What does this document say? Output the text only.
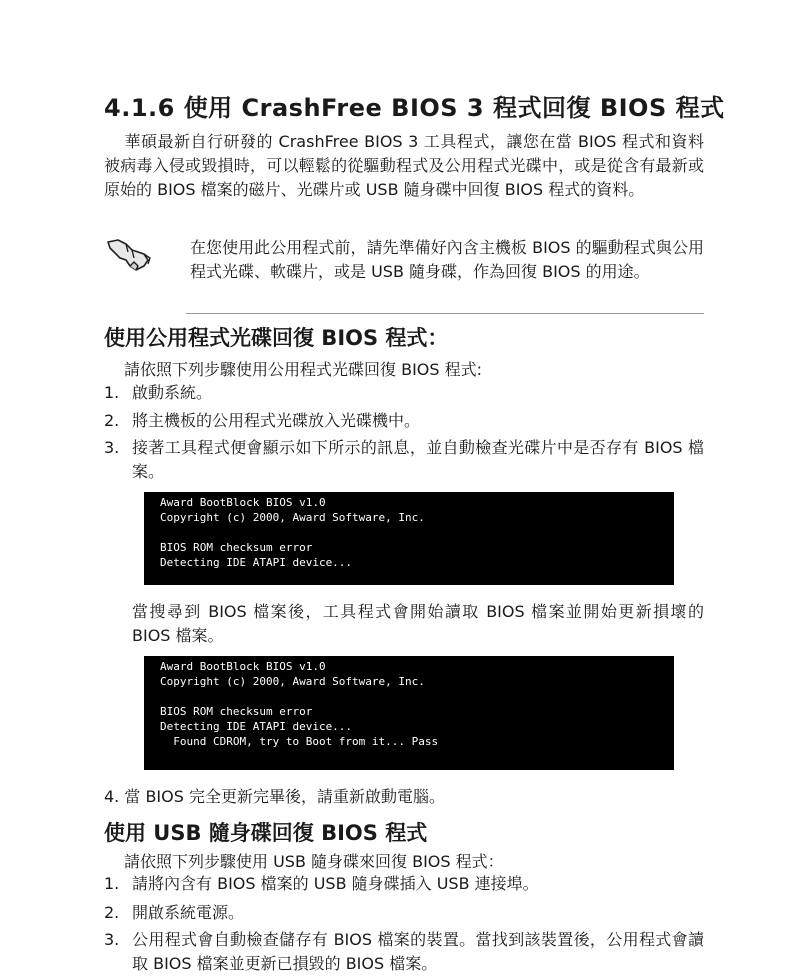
4.1.6 使用 CrashFree BIOS 3 程式回復 BIOS 程式
華碩最新自行研發的 CrashFree BIOS 3 工具程式，讓您在當 BIOS 程式和資料被病毒入侵或毀損時，可以輕鬆的從驅動程式及公用程式光碟中，或是從含有最新或原始的 BIOS 檔案的磁片、光碟片或 USB 隨身碟中回復 BIOS 程式的資料。
在您使用此公用程式前，請先準備好內含主機板 BIOS 的驅動程式與公用程式光碟、軟碟片，或是 USB 隨身碟，作為回復 BIOS 的用途。
使用公用程式光碟回復 BIOS 程式：
請依照下列步驟使用公用程式光碟回復 BIOS 程式:
1. 啟動系統。
2. 將主機板的公用程式光碟放入光碟機中。
3. 接著工具程式便會顯示如下所示的訊息，並自動檢查光碟片中是否存有 BIOS 檔案。
Award BootBlock BIOS v1.0
Copyright (c) 2000, Award Software, Inc.
BIOS ROM checksum error
Detecting IDE ATAPI device...
當搜尋到 BIOS 檔案後，工具程式會開始讀取 BIOS 檔案並開始更新損壞的 BIOS 檔案。
Award BootBlock BIOS v1.0
Copyright (c) 2000, Award Software, Inc.
BIOS ROM checksum error
Detecting IDE ATAPI device...
Found CDROM, try to Boot from it... Pass
4. 當 BIOS 完全更新完畢後，請重新啟動電腦。
使用 USB 隨身碟回復 BIOS 程式
請依照下列步驟使用 USB 隨身碟來回復 BIOS 程式：
1. 請將內含有 BIOS 檔案的 USB 隨身碟插入 USB 連接埠。
2. 開啟系統電源。
3. 公用程式會自動檢查儲存有 BIOS 檔案的裝置。當找到該裝置後，公用程式會讀取 BIOS 檔案並更新已損毀的 BIOS 檔案。
